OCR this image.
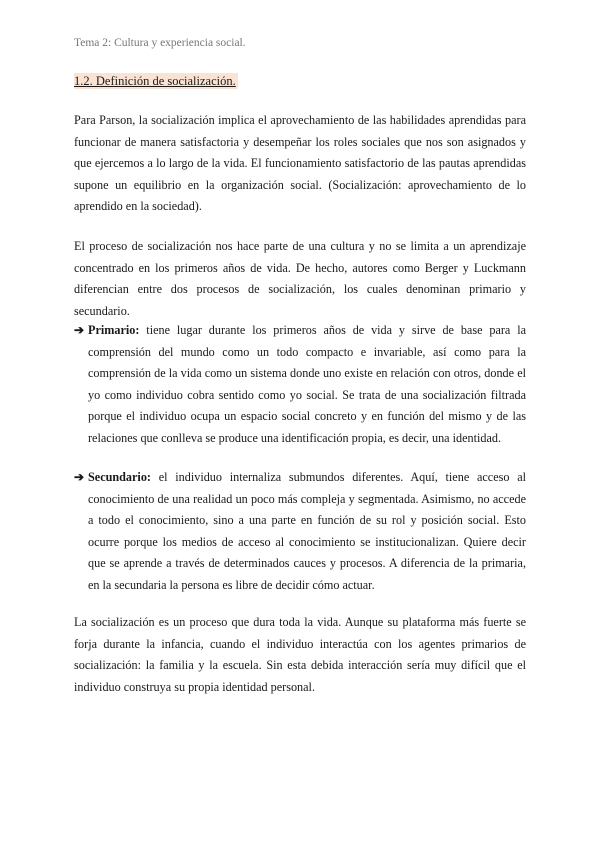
Tema 2: Cultura y experiencia social.
1.2. Definición de socialización.

Para Parson, la socialización implica el aprovechamiento de las habilidades aprendidas para funcionar de manera satisfactoria y desempeñar los roles sociales que nos son asignados y que ejercemos a lo largo de la vida. El funcionamiento satisfactorio de las pautas aprendidas supone un equilibrio en la organización social. (Socialización: aprovechamiento de lo aprendido en la sociedad).

El proceso de socialización nos hace parte de una cultura y no se limita a un aprendizaje concentrado en los primeros años de vida. De hecho, autores como Berger y Luckmann diferencian entre dos procesos de socialización, los cuales denominan primario y secundario.

➔ Primario: tiene lugar durante los primeros años de vida y sirve de base para la comprensión del mundo como un todo compacto e invariable, así como para la comprensión de la vida como un sistema donde uno existe en relación con otros, donde el yo como individuo cobra sentido como yo social. Se trata de una socialización filtrada porque el individuo ocupa un espacio social concreto y en función del mismo y de las relaciones que conlleva se produce una identificación propia, es decir, una identidad.
➔ Secundario: el individuo internaliza submundos diferentes. Aquí, tiene acceso al conocimiento de una realidad un poco más compleja y segmentada. Asimismo, no accede a todo el conocimiento, sino a una parte en función de su rol y posición social. Esto ocurre porque los medios de acceso al conocimiento se institucionalizan. Quiere decir que se aprende a través de determinados cauces y procesos. A diferencia de la primaria, en la secundaria la persona es libre de decidir cómo actuar.

La socialización es un proceso que dura toda la vida. Aunque su plataforma más fuerte se forja durante la infancia, cuando el individuo interactúa con los agentes primarios de socialización: la familia y la escuela. Sin esta debida interacción sería muy difícil que el individuo construya su propia identidad personal.
